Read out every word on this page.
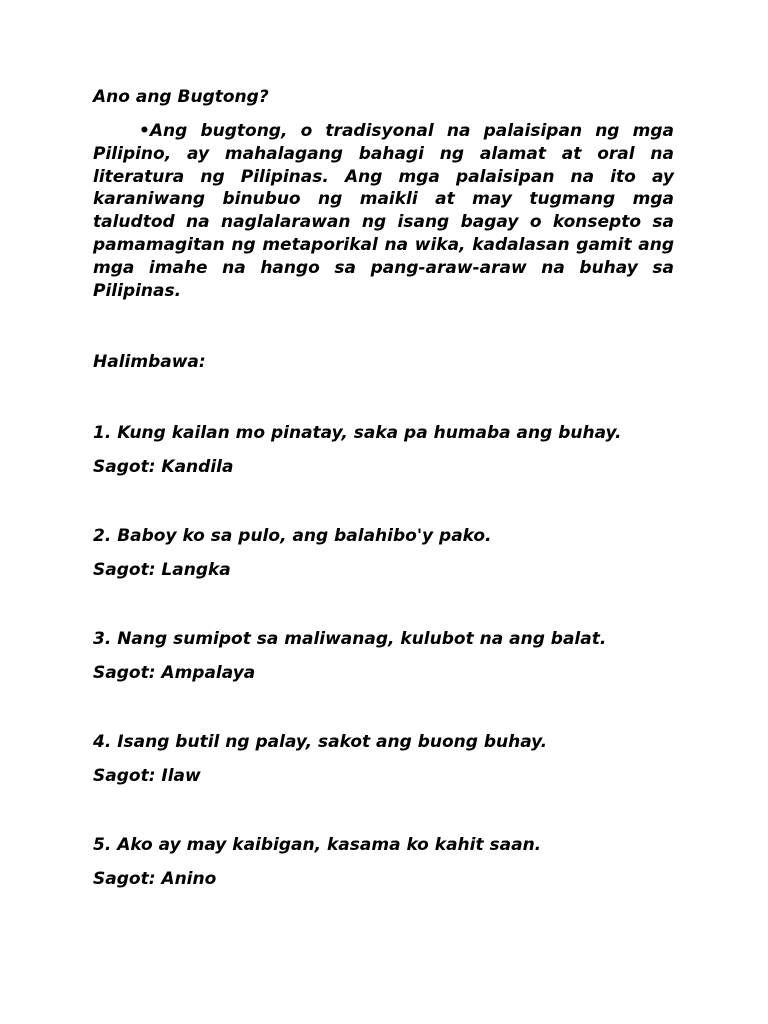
Ano ang Bugtong?

•Ang bugtong, o tradisyonal na palaisipan ng mga Pilipino, ay mahalagang bahagi ng alamat at oral na literatura ng Pilipinas. Ang mga palaisipan na ito ay karaniwang binubuo ng maikli at may tugmang mga taludtod na naglalarawan ng isang bagay o konsepto sa pamamagitan ng metaporikal na wika, kadalasan gamit ang mga imahe na hango sa pang-araw-araw na buhay sa Pilipinas.

Halimbawa:

1. Kung kailan mo pinatay, saka pa humaba ang buhay.

Sagot: Kandila

2. Baboy ko sa pulo, ang balahibo'y pako.

Sagot: Langka

3. Nang sumipot sa maliwanag, kulubot na ang balat.

Sagot: Ampalaya

4. Isang butil ng palay, sakot ang buong buhay.

Sagot: Ilaw

5. Ako ay may kaibigan, kasama ko kahit saan.

Sagot: Anino
